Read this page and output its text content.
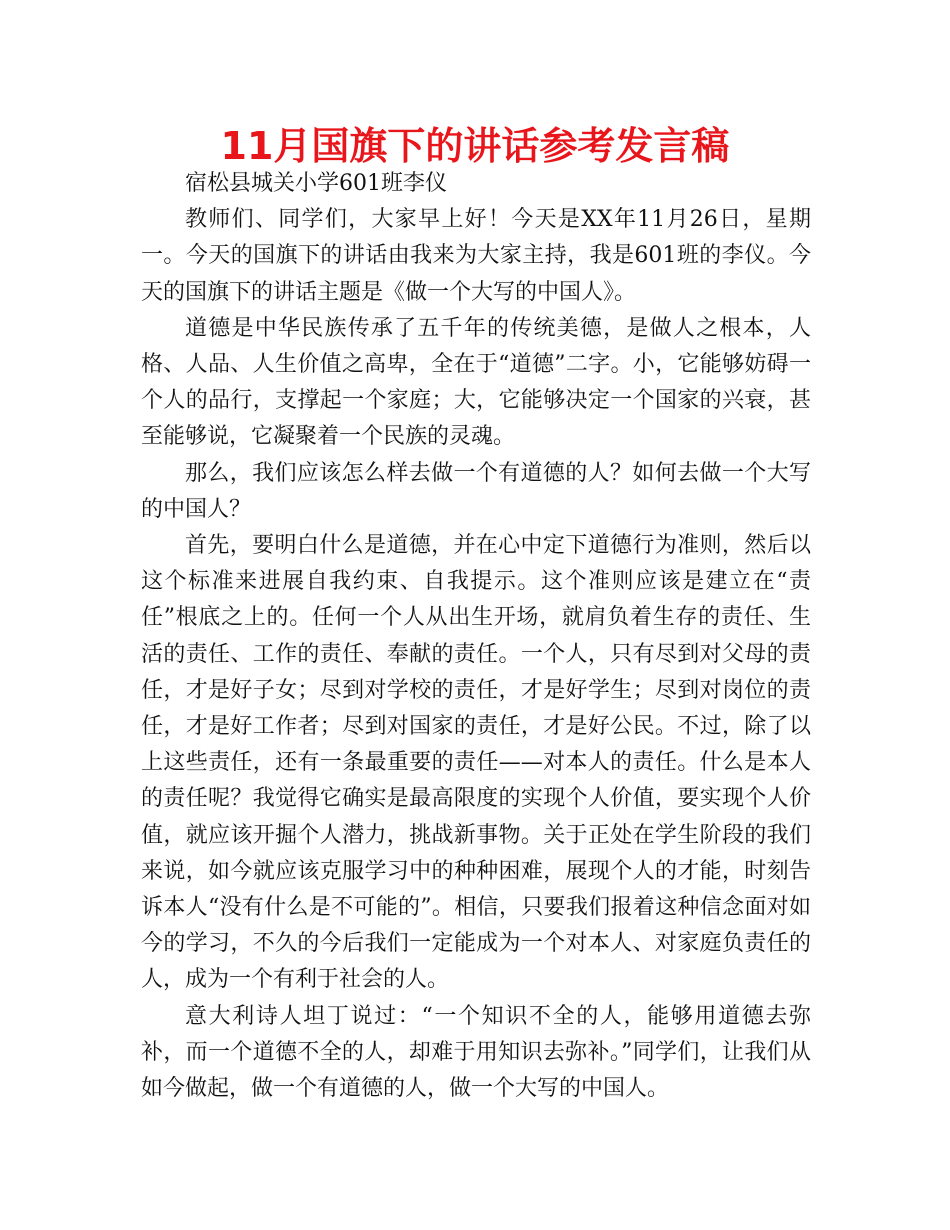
11月国旗下的讲话参考发言稿

宿松县城关小学601班李仪

教师们、同学们，大家早上好！今天是XX年11月26日，星期一。今天的国旗下的讲话由我来为大家主持，我是601班的李仪。今天的国旗下的讲话主题是《做一个大写的中国人》。

道德是中华民族传承了五千年的传统美德，是做人之根本，人格、人品、人生价值之高卑，全在于“道德”二字。小，它能够妨碍一个人的品行，支撑起一个家庭；大，它能够决定一个国家的兴衰，甚至能够说，它凝聚着一个民族的灵魂。

那么，我们应该怎么样去做一个有道德的人？如何去做一个大写的中国人？

首先，要明白什么是道德，并在心中定下道德行为准则，然后以这个标准来进展自我约束、自我提示。这个准则应该是建立在“责任”根底之上的。任何一个人从出生开场，就肩负着生存的责任、生活的责任、工作的责任、奉献的责任。一个人，只有尽到对父母的责任，才是好子女；尽到对学校的责任，才是好学生；尽到对岗位的责任，才是好工作者；尽到对国家的责任，才是好公民。不过，除了以上这些责任，还有一条最重要的责任——对本人的责任。什么是本人的责任呢？我觉得它确实是最高限度的实现个人价值，要实现个人价值，就应该开掘个人潜力，挑战新事物。关于正处在学生阶段的我们来说，如今就应该克服学习中的种种困难，展现个人的才能，时刻告诉本人“没有什么是不可能的”。相信，只要我们报着这种信念面对如今的学习，不久的今后我们一定能成为一个对本人、对家庭负责任的人，成为一个有利于社会的人。

意大利诗人坦丁说过：“一个知识不全的人，能够用道德去弥补，而一个道德不全的人，却难于用知识去弥补。”同学们，让我们从如今做起，做一个有道德的人，做一个大写的中国人。
